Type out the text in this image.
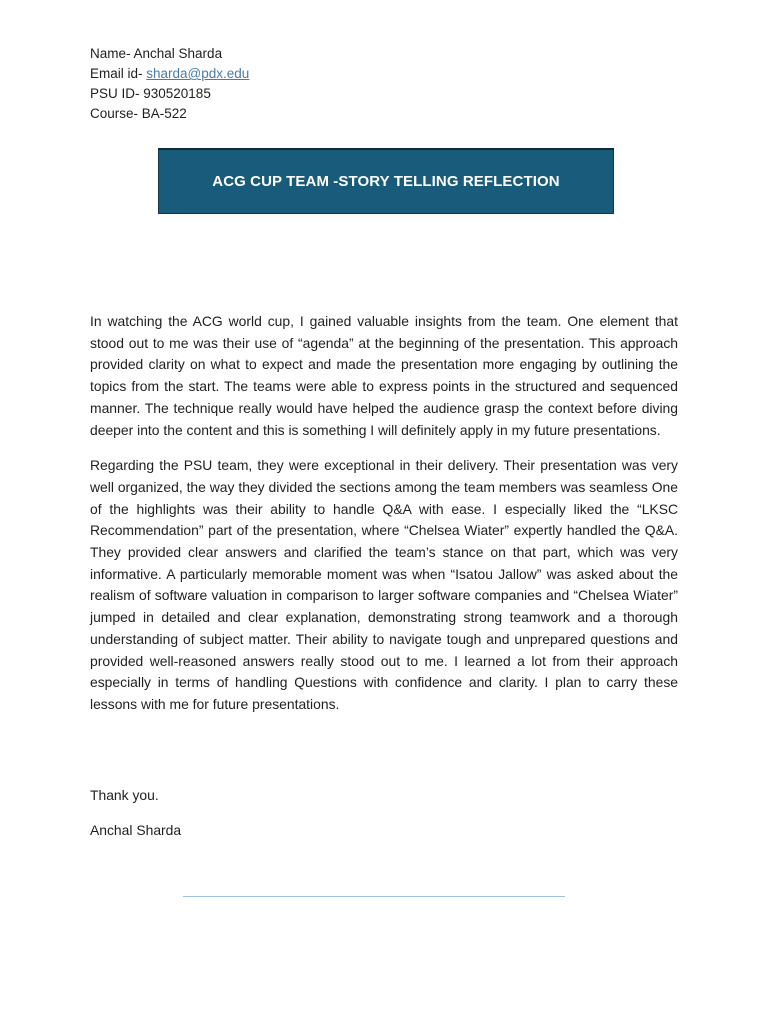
Name- Anchal Sharda
Email id- sharda@pdx.edu
PSU ID- 930520185
Course- BA-522
ACG CUP TEAM -STORY TELLING REFLECTION

In watching the ACG world cup, I gained valuable insights from the team. One element that stood out to me was their use of “agenda” at the beginning of the presentation. This approach provided clarity on what to expect and made the presentation more engaging by outlining the topics from the start. The teams were able to express points in the structured and sequenced manner. The technique really would have helped the audience grasp the context before diving deeper into the content and this is something I will definitely apply in my future presentations.

Regarding the PSU team, they were exceptional in their delivery. Their presentation was very well organized, the way they divided the sections among the team members was seamless One of the highlights was their ability to handle Q&A with ease. I especially liked the “LKSC Recommendation” part of the presentation, where “Chelsea Wiater” expertly handled the Q&A. They provided clear answers and clarified the team’s stance on that part, which was very informative. A particularly memorable moment was when “Isatou Jallow” was asked about the realism of software valuation in comparison to larger software companies and “Chelsea Wiater” jumped in detailed and clear explanation, demonstrating strong teamwork and a thorough understanding of subject matter. Their ability to navigate tough and unprepared questions and provided well-reasoned answers really stood out to me. I learned a lot from their approach especially in terms of handling Questions with confidence and clarity. I plan to carry these lessons with me for future presentations.

Thank you.

Anchal Sharda
